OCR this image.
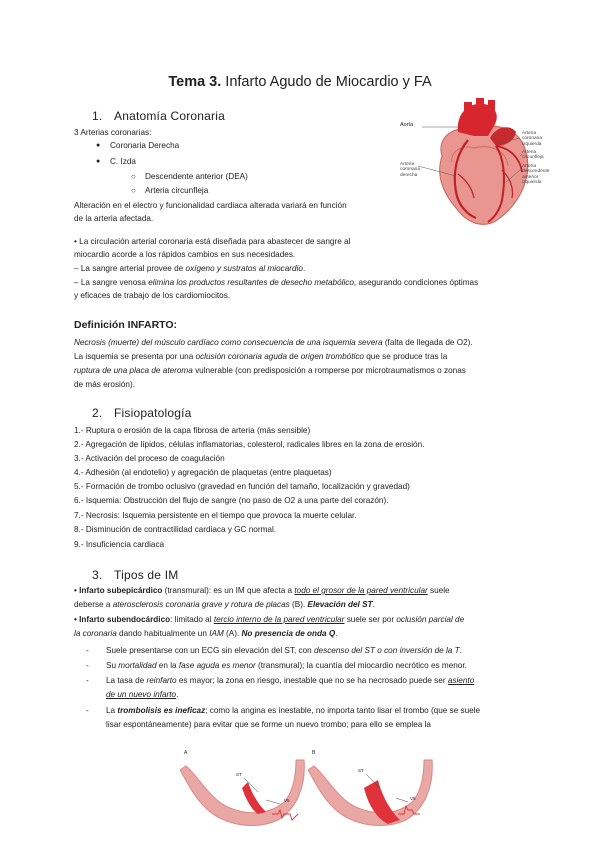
Tema 3. Infarto Agudo de Miocardio y FA
1. Anatomía Coronaria
3 Arterias coronarias:
● Coronaria Derecha
● C. Izda
○ Descendente anterior (DEA)
○ Arteria circunfleja
Alteración en el electro y funcionalidad cardiaca alterada variará en función
de la arteria afectada.
• La circulación arterial coronaria está diseñada para abastecer de sangre al
miocardio acorde a los rápidos cambios en sus necesidades.
– La sangre arterial provee de oxígeno y sustratos al miocardio.
– La sangre venosa elimina los productos resultantes de desecho metabólico, asegurando condiciones óptimas
y eficaces de trabajo de los cardiomiocitos.
Aorta
Arteria
coronaria
izquierda
Arteria
circunfleja
Arteria
descendente
anterior
izquierda
Arteria
coronaria
derecha
Definición INFARTO:
Necrosis (muerte) del músculo cardíaco como consecuencia de una isquemia severa (falta de llegada de O2).
La isquemia se presenta por una oclusión coronaria aguda de origen trombótico que se produce tras la
ruptura de una placa de ateroma vulnerable (con predisposición a romperse por microtraumatismos o zonas
de más erosión).
2. Fisiopatología
1.- Ruptura o erosión de la capa fibrosa de arteria (más sensible)
2.- Agregación de lípidos, células inflamatorias, colesterol, radicales libres en la zona de erosión.
3.- Activación del proceso de coagulación
4.- Adhesión (al endotelio) y agregación de plaquetas (entre plaquetas)
5.- Formación de trombo oclusivo (gravedad en función del tamaño, localización y gravedad)
6.- Isquemia: Obstrucción del flujo de sangre (no paso de O2 a una parte del corazón).
7.- Necrosis: Isquemia persistente en el tiempo que provoca la muerte celular.
8.- Disminución de contractilidad cardiaca y GC normal.
9.- Insuficiencia cardiaca
3. Tipos de IM
• Infarto subepicárdico (transmural): es un IM que afecta a todo el grosor de la pared ventricular suele
deberse a aterosclerosis coronaria grave y rotura de placas (B). Elevación del ST.
• Infarto subendocárdico: limitado al tercio interno de la pared ventricular suele ser por oclusión parcial de
la coronaria dando habitualmente un IAM (A). No presencia de onda Q.
- Suele presentarse con un ECG sin elevación del ST, con descenso del ST o con inversión de la T.
- Su mortalidad en la fase aguda es menor (transmural); la cuantía del miocardio necrótico es menor.
- La tasa de reinfarto es mayor; la zona en riesgo, inestable que no se ha necrosado puede ser asiento
de un nuevo infarto.
- La trombolisis es ineficaz; como la angina es inestable, no importa tanto lisar el trombo (que se suele
lisar espontáneamente) para evitar que se forme un nuevo trombo; para ello se emplea la
A
ST
V5
B
ST
V5
